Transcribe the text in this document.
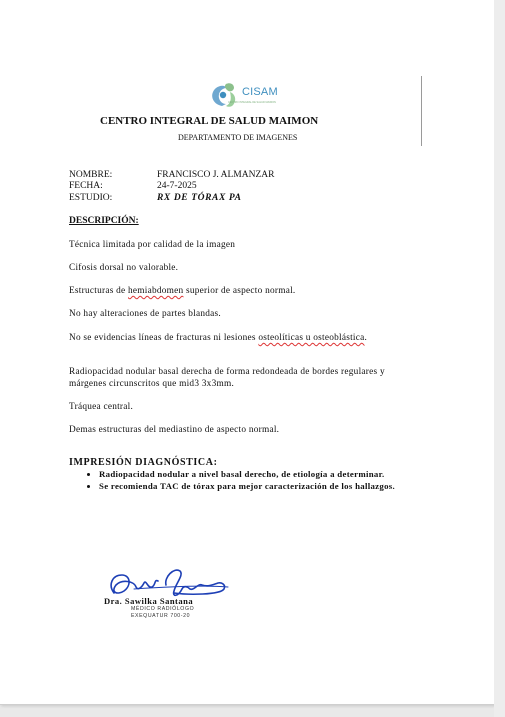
CISAM
CENTRO INTEGRAL DE SALUD MAIMON
CENTRO INTEGRAL DE SALUD MAIMON
DEPARTAMENTO DE IMAGENES
NOMBRE:	FRANCISCO J. ALMANZAR
FECHA:	24-7-2025
ESTUDIO:	RX DE TÓRAX PA
DESCRIPCIÓN:
Técnica limitada por calidad de la imagen
Cifosis dorsal no valorable.
Estructuras de hemiabdomen superior de aspecto normal.
No hay alteraciones de partes blandas.
No se evidencias líneas de fracturas ni lesiones osteolíticas u osteoblástica.
Radiopacidad nodular basal derecha de forma redondeada de bordes regulares y márgenes circunscritos que mid3 3x3mm.
Tráquea central.
Demas estructuras del mediastino de aspecto normal.
IMPRESIÓN DIAGNÓSTICA:
• Radiopacidad nodular a nivel basal derecho, de etiología a determinar.
• Se recomienda TAC de tórax para mejor caracterización de los hallazgos.
Dra. Sawilka Santana
MÉDICO RADIÓLOGO
EXEQUATUR 700-20
